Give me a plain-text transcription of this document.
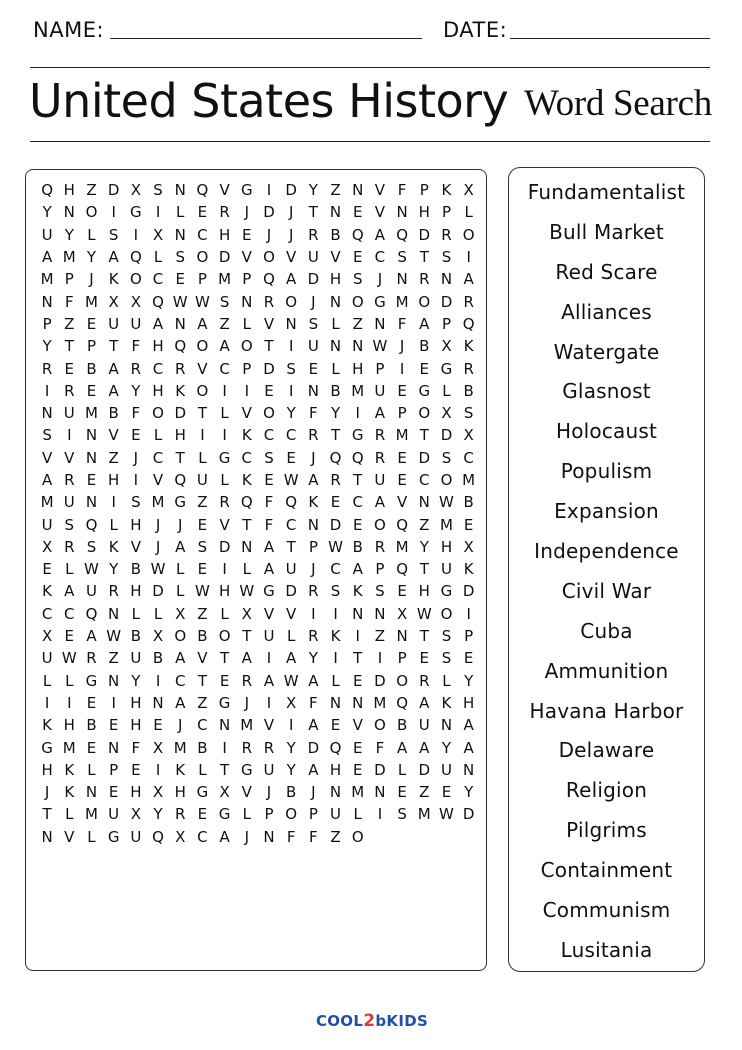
NAME:	DATE:
United States History Word Search
Q H Z D X S N Q V G I D Y Z N V F P K X
Y N O I G I	L E R J D J	T N E V N H P L
U Y L S	I X N C H E	J	J R B Q A Q D R O
A M Y A Q L S O D V O V U V E C S T S	I
M P	J	K O C E P M P Q A D H S	J N R N A
N F M X X Q W W S N R O J N O G M O D R
P Z E U U A N A Z L V N S L Z N F A P Q
Y T P T F H Q O A O T	I U N N W J B X K
R E B A R C R V C P D S E L H P	I	E G R
I R E A Y H K O I	I	E	I N B M U E G L B
N U M B F O D T L V O Y F Y	I A P O X S
S	I N V E L H I	I	K C C R T G R M T D X
V V N Z J C T L G C S E	J Q Q R E D S C
A R E H I V Q U L K E W A R T U E C O M
M U N I	S M G Z R Q F Q K E C A V N W B
U S Q L H J	J	E V T F C N D E O Q Z M E
X R S K V J A S D N A T P W B R M Y H X
E L W Y B W L E	I	L A U J C A P Q T U K
K A U R H D L W H W G D R S K S E H G D
C C Q N L L X Z L X V V I	I N N X W O I
X E A W B X O B O T U L R K	I Z N T S P
U W R Z U B A V T A I A Y	I	T	I	P E S E
L L G N Y	I C T E R A W A L E D O R L Y
I	I	E	I H N A Z G J	I X F N N M Q A K H
K H B E H E	J C N M V I A E V O B U N A
G M E N F X M B I R R Y D Q E F A A Y A
H K L P E	I	K L T G U Y A H E D L D U N
J	K N E H X H G X V J B J N M N E Z E Y
T L M U X Y R E G L P O P U L	I	S M W D
N V L G U Q X C A J N F F Z O
Fundamentalist
Bull Market
Red Scare
Alliances
Watergate
Glasnost
Holocaust
Populism
Expansion
Independence
Civil War
Cuba
Ammunition
Havana Harbor
Delaware
Religion
Pilgrims
Containment
Communism
Lusitania
COOL2bKIDS
